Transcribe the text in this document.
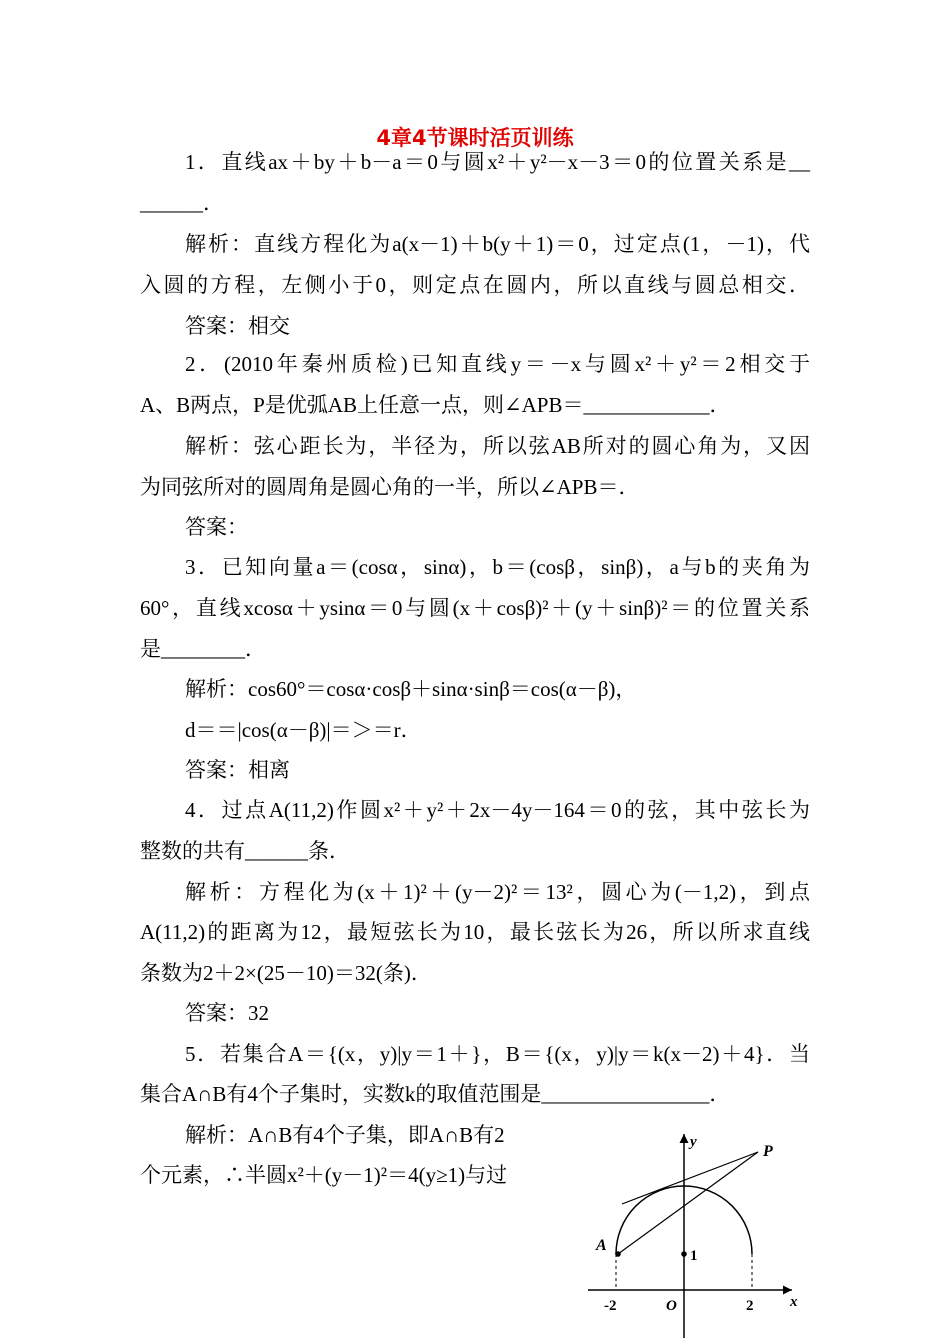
4章4节课时活页训练
1．直线ax＋by＋b－a＝0与圆x²＋y²－x－3＝0的位置关系是__
______．
解析：直线方程化为a(x－1)＋b(y＋1)＝0，过定点(1，－1)，代
入圆的方程，左侧小于0，则定点在圆内，所以直线与圆总相交．
答案：相交
2．(2010年秦州质检)已知直线y＝－x与圆x²＋y²＝2相交于
A、B两点，P是优弧AB上任意一点，则∠APB＝____________．
解析：弦心距长为，半径为，所以弦AB所对的圆心角为，又因
为同弦所对的圆周角是圆心角的一半，所以∠APB＝．
答案：
3．已知向量a＝(cosα，sinα)，b＝(cosβ，sinβ)，a与b的夹角为
60°，直线xcosα＋ysinα＝0与圆(x＋cosβ)²＋(y＋sinβ)²＝的位置关系
是________．
解析：cos60°＝cosα·cosβ＋sinα·sinβ＝cos(α－β)，
d＝＝|cos(α－β)|＝＞＝r．
答案：相离
4．过点A(11,2)作圆x²＋y²＋2x－4y－164＝0的弦，其中弦长为
整数的共有______条．
解析：方程化为(x＋1)²＋(y－2)²＝13²，圆心为(－1,2)，到点
A(11,2)的距离为12，最短弦长为10，最长弦长为26，所以所求直线
条数为2＋2×(25－10)＝32(条)．
答案：32
5．若集合A＝{(x，y)|y＝1＋}，B＝{(x，y)|y＝k(x－2)＋4}．当
集合A∩B有4个子集时，实数k的取值范围是________________．
解析：A∩B有4个子集，即A∩B有2
个元素，∴半圆x²＋(y－1)²＝4(y≥1)与过
y
P
A
1
-2	O	2 x
